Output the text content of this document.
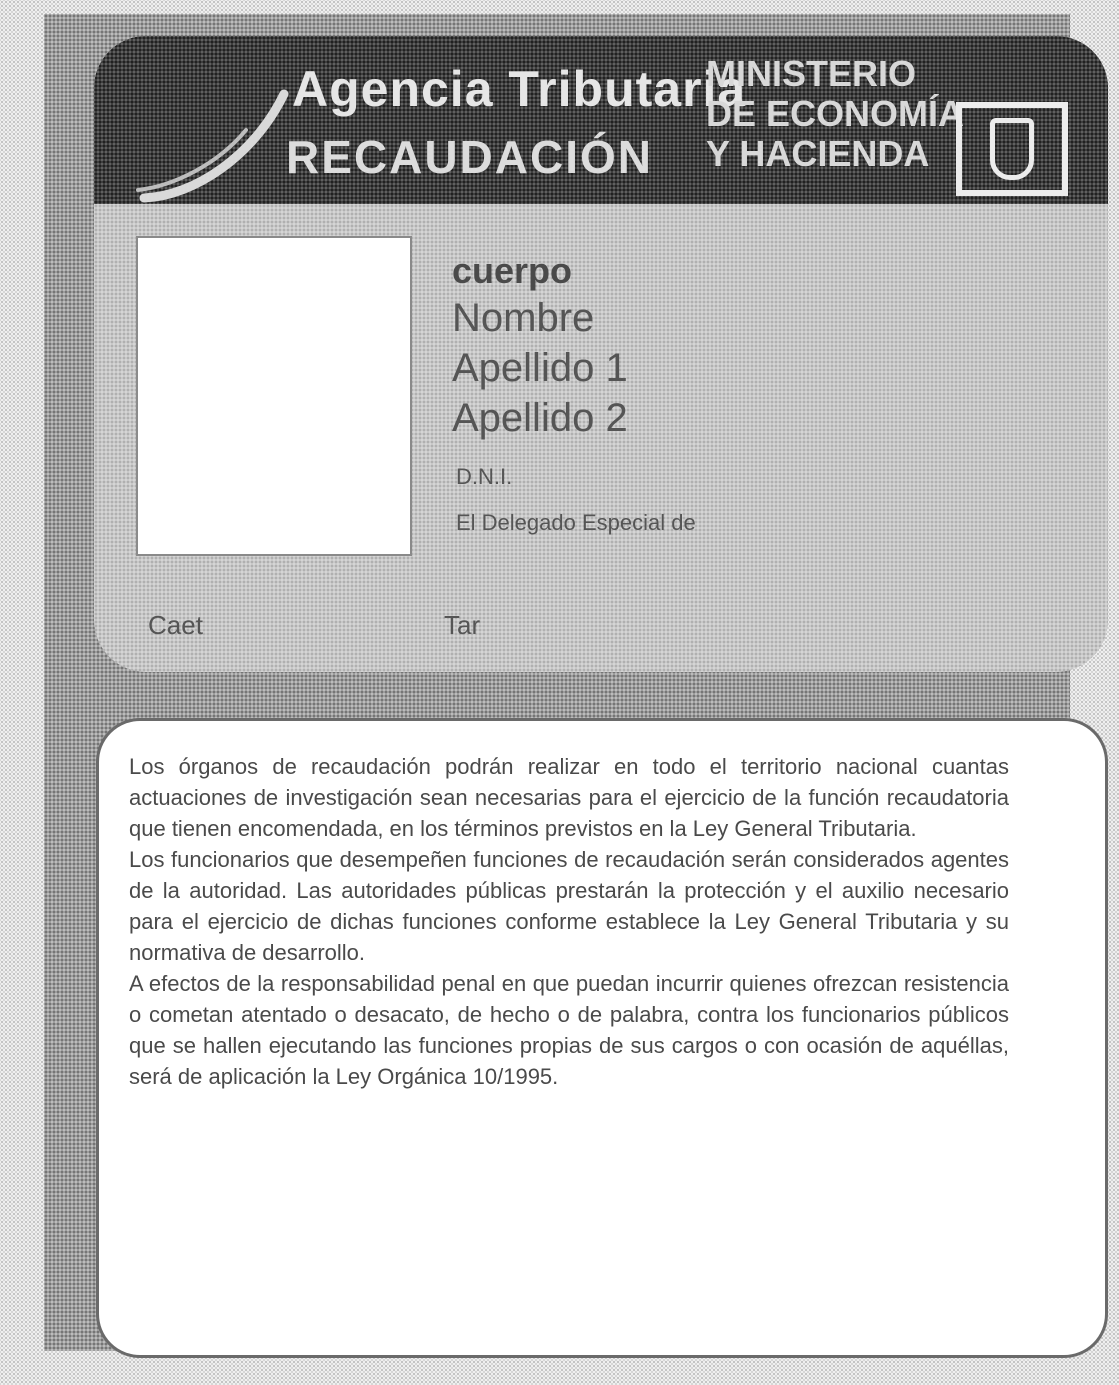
Agencia Tributaria
RECAUDACIÓN
MINISTERIO
DE ECONOMÍA
Y HACIENDA
cuerpo
Nombre
Apellido 1
Apellido 2
D.N.I.
El Delegado Especial de
Caet	Tar

Los órganos de recaudación podrán realizar en todo el territorio nacional cuantas actuaciones de investigación sean necesarias para el ejercicio de la función recaudatoria que tienen encomendada, en los términos previstos en la Ley General Tributaria.

Los funcionarios que desempeñen funciones de recaudación serán considerados agentes de la autoridad. Las autoridades públicas prestarán la protección y el auxilio necesario para el ejercicio de dichas funciones conforme establece la Ley General Tributaria y su normativa de desarrollo.

A efectos de la responsabilidad penal en que puedan incurrir quienes ofrezcan resistencia o cometan atentado o desacato, de hecho o de palabra, contra los funcionarios públicos que se hallen ejecutando las funciones propias de sus cargos o con ocasión de aquéllas, será de aplicación la Ley Orgánica 10/1995.
